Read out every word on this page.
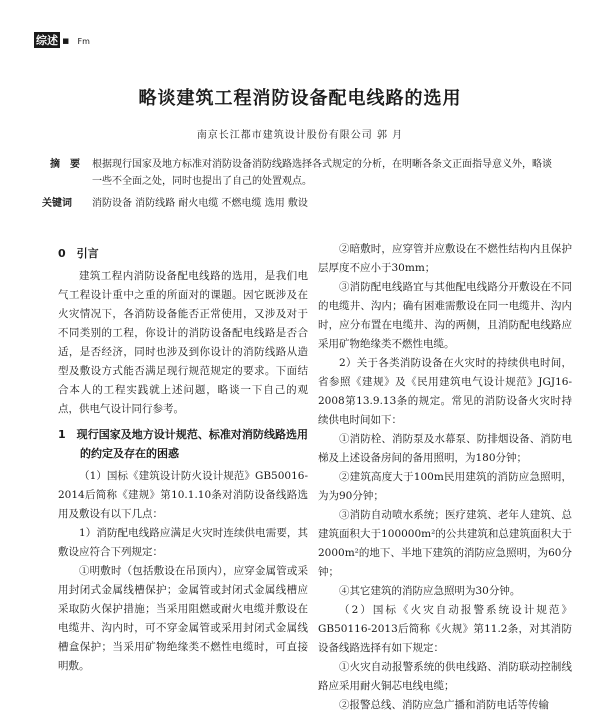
综述 ▪ Fm
略谈建筑工程消防设备配电线路的选用
南京长江都市建筑设计股份有限公司 郭 月
摘　要	根据现行国家及地方标准对消防设备消防线路选择各式规定的分析，在明晰各条文正面指导意义外，略谈一些不全面之处，同时也提出了自己的处置观点。

关键词 消防设备 消防线路 耐火电缆 不燃电缆 选用 敷设

0　引言

建筑工程内消防设备配电线路的选用，是我们电气工程设计重中之重的所面对的课题。因它既涉及在火灾情况下，各消防设备能否正常使用，又涉及对于不同类别的工程，你设计的消防设备配电线路是否合适，是否经济，同时也涉及到你设计的消防线路从造型及敷设方式能否满足现行规范规定的要求。下面结合本人的工程实践就上述问题，略谈一下自己的观点，供电气设计同行参考。

1　现行国家及地方设计规范、标准对消防线路选用的约定及存在的困惑

（1）国标《建筑设计防火设计规范》GB50016-2014后简称《建规》第10.1.10条对消防设备线路选用及敷设有以下几点：

1）消防配电线路应满足火灾时连续供电需要，其敷设应符合下列规定：

①明敷时（包括敷设在吊顶内），应穿金属管或采用封闭式金属线槽保护；金属管或封闭式金属线槽应采取防火保护措施；当采用阻燃或耐火电缆并敷设在电缆井、沟内时，可不穿金属管或采用封闭式金属线槽盒保护；当采用矿物绝缘类不燃性电缆时，可直接明敷。

②暗敷时，应穿管并应敷设在不燃性结构内且保护层厚度不应小于30mm；

③消防配电线路宜与其他配电线路分开敷设在不同的电缆井、沟内；确有困难需敷设在同一电缆井、沟内时，应分布置在电缆井、沟的两侧，且消防配电线路应采用矿物绝缘类不燃性电缆。

2）关于各类消防设备在火灾时的持续供电时间，省参照《建规》及《民用建筑电气设计规范》JGJ16-2008第13.9.13条的规定。常见的消防设备火灾时持续供电时间如下：

①消防栓、消防泵及水幕泵、防排烟设备、消防电梯及上述设备房间的备用照明，为180分钟；

②建筑高度大于100m民用建筑的消防应急照明，为为90分钟；

③消防自动喷水系统；医疗建筑、老年人建筑、总建筑面积大于100000m²的公共建筑和总建筑面积大于2000m²的地下、半地下建筑的消防应急照明，为60分钟；

④其它建筑的消防应急照明为30分钟。

（2）国标《火灾自动报警系统设计规范》GB50116-2013后简称《火规》第11.2条，对其消防设备线路选择有如下规定：

①火灾自动报警系统的供电线路、消防联动控制线路应采用耐火铜芯电线电缆；

②报警总线、消防应急广播和消防电话等传输
